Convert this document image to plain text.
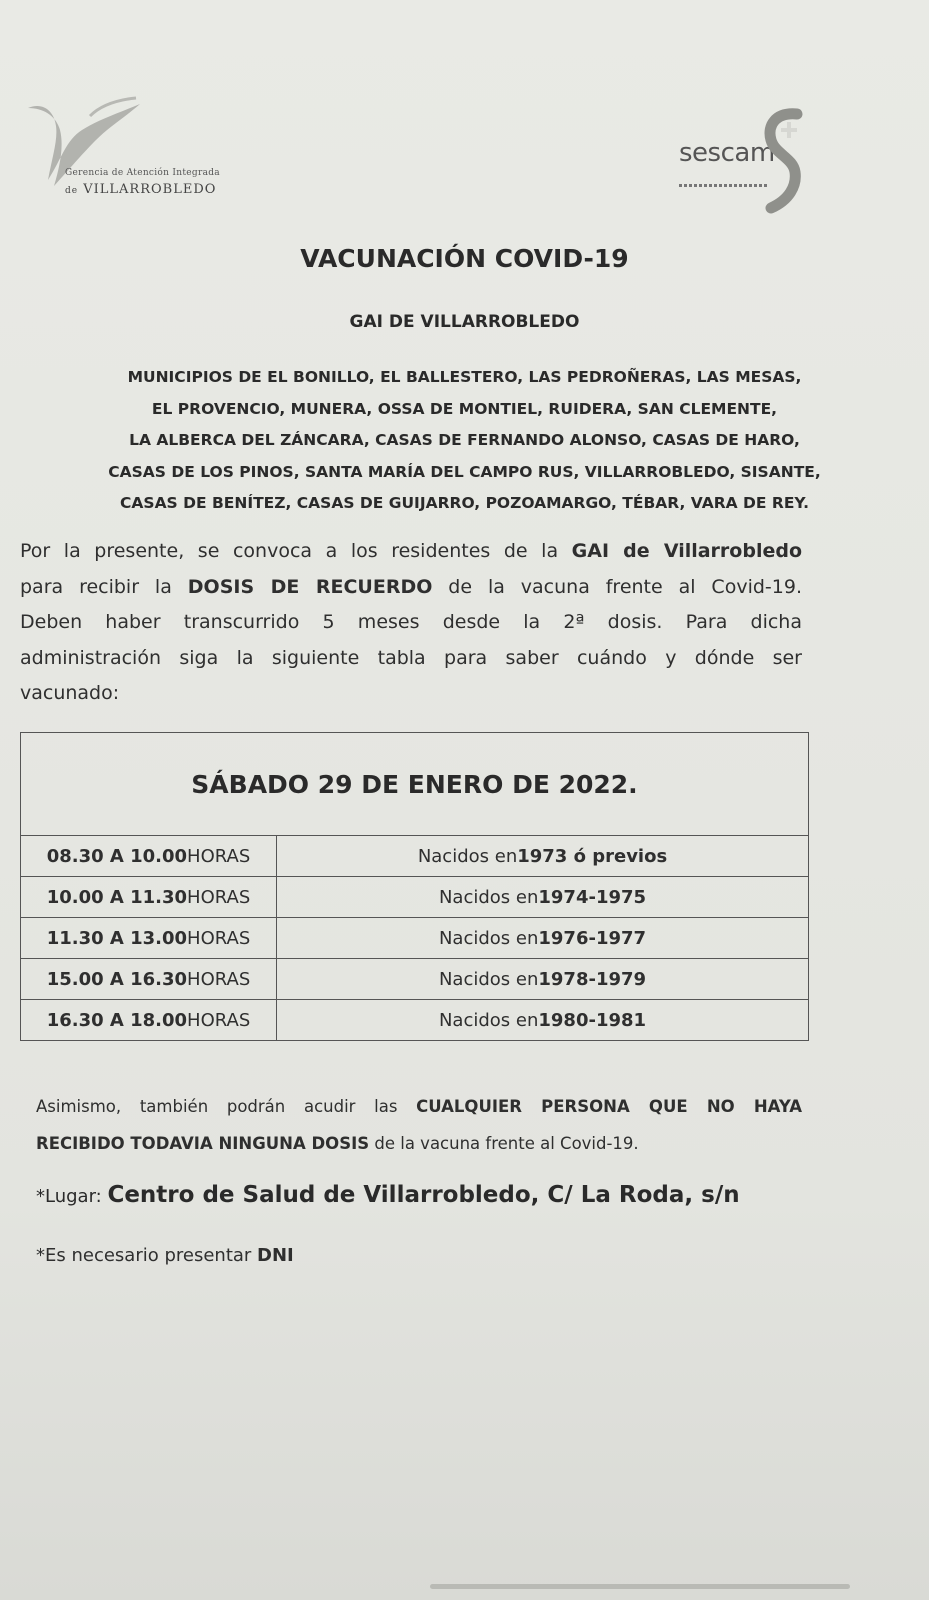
Gerencia de Atención Integrada
de VILLARROBLEDO
sescam
VACUNACIÓN COVID-19
GAI DE VILLARROBLEDO
MUNICIPIOS DE EL BONILLO, EL BALLESTERO, LAS PEDROÑERAS, LAS MESAS,
EL PROVENCIO, MUNERA, OSSA DE MONTIEL, RUIDERA, SAN CLEMENTE,
LA ALBERCA DEL ZÁNCARA, CASAS DE FERNANDO ALONSO, CASAS DE HARO,
CASAS DE LOS PINOS, SANTA MARÍA DEL CAMPO RUS, VILLARROBLEDO, SISANTE,
CASAS DE BENÍTEZ, CASAS DE GUIJARRO, POZOAMARGO, TÉBAR, VARA DE REY.
Por la presente, se convoca a los residentes de la GAI de Villarrobledo
para recibir la DOSIS DE RECUERDO de la vacuna frente al Covid-19.
Deben haber transcurrido 5 meses desde la 2ª dosis. Para dicha
administración siga la siguiente tabla para saber cuándo y dónde ser
vacunado:
SÁBADO 29 DE ENERO DE 2022.
08.30 A 10.00 HORAS	Nacidos en 1973 ó previos
10.00 A 11.30 HORAS	Nacidos en 1974-1975
11.30 A 13.00 HORAS	Nacidos en 1976-1977
15.00 A 16.30 HORAS	Nacidos en 1978-1979
16.30 A 18.00 HORAS	Nacidos en 1980-1981
Asimismo, también podrán acudir las CUALQUIER PERSONA QUE NO HAYA
RECIBIDO TODAVIA NINGUNA DOSIS de la vacuna frente al Covid-19.
*Lugar: Centro de Salud de Villarrobledo, C/ La Roda, s/n
*Es necesario presentar DNI
